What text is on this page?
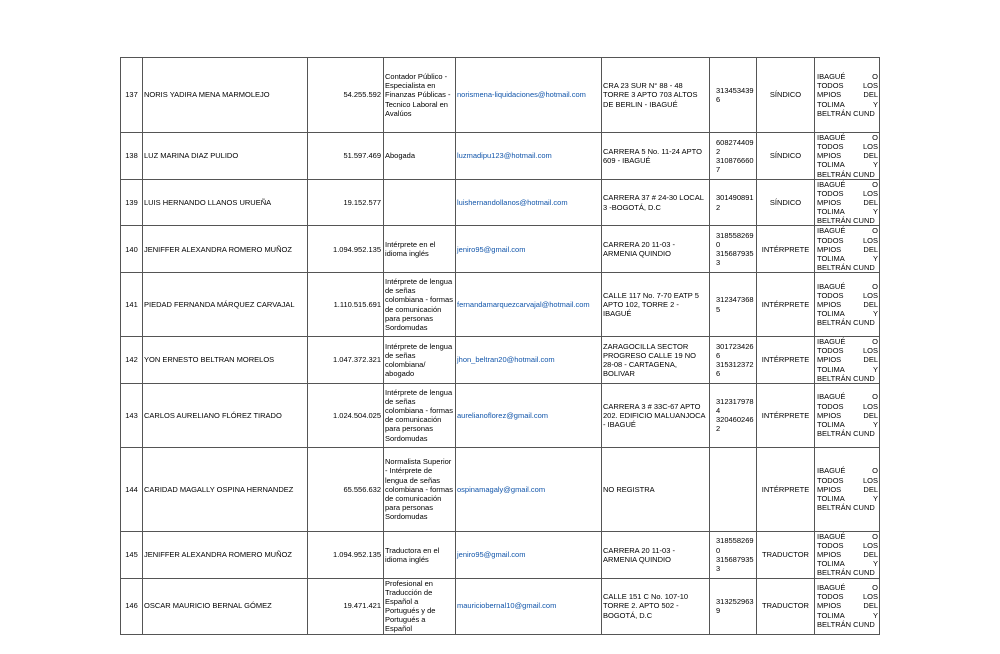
137	NORIS YADIRA MENA MARMOLEJO	54.255.592	Contador Público - Especialista en Finanzas Públicas - Tecnico Laboral en Avalúos	norismena-liquidaciones@hotmail.com	CRA 23 SUR N° 88 - 48 TORRE 3 APTO 703 ALTOS DE BERLIN - IBAGUÉ	3134534396	SÍNDICO	IBAGUÉ O TODOS LOS MPIOS DEL TOLIMA Y BELTRÁN CUND

138	LUZ MARINA DIAZ PULIDO	51.597.469	Abogada	luzmadipu123@hotmail.com	CARRERA 5 No. 11-24 APTO 609 - IBAGUÉ	6082744092 3108766607	SÍNDICO	IBAGUÉ O TODOS LOS MPIOS DEL TOLIMA Y BELTRÁN CUND

139	LUIS HERNANDO LLANOS URUEÑA	19.152.577		luishernandollanos@hotmail.com	CARRERA 37 # 24-30 LOCAL 3 -BOGOTÁ, D.C	3014908912	SÍNDICO	IBAGUÉ O TODOS LOS MPIOS DEL TOLIMA Y BELTRÁN CUND

140	JENIFFER ALEXANDRA ROMERO MUÑOZ	1.094.952.135	Intérprete en el idioma inglés	jeniro95@gmail.com	CARRERA 20 11-03 - ARMENIA QUINDIO	3185582690 3156879353	INTÉRPRETE	IBAGUÉ O TODOS LOS MPIOS DEL TOLIMA Y BELTRÁN CUND

141	PIEDAD FERNANDA MÁRQUEZ CARVAJAL	1.110.515.691	Intérprete de lengua de señas colombiana - formas de comunicación para personas Sordomudas	fernandamarquezcarvajal@hotmail.com	CALLE 117 No. 7-70 EATP 5 APTO 102, TORRE 2 - IBAGUÉ	3123473685	INTÉRPRETE	IBAGUÉ O TODOS LOS MPIOS DEL TOLIMA Y BELTRÁN CUND

142	YON ERNESTO BELTRAN MORELOS	1.047.372.321	Intérprete de lengua de señas colombiana/ abogado	jhon_beltran20@hotmail.com	ZARAGOCILLA SECTOR PROGRESO CALLE 19 NO 28-08 - CARTAGENA, BOLIVAR	3017234266 3153123726	INTÉRPRETE	IBAGUÉ O TODOS LOS MPIOS DEL TOLIMA Y BELTRÁN CUND

143	CARLOS AURELIANO FLÓREZ TIRADO	1.024.504.025	Intérprete de lengua de señas colombiana - formas de comunicación para personas Sordomudas	aurelianoflorez@gmail.com	CARRERA 3 # 33C-67 APTO 202. EDIFICIO MALUANJOCA - IBAGUÉ	3123179784 3204602462	INTÉRPRETE	IBAGUÉ O TODOS LOS MPIOS DEL TOLIMA Y BELTRÁN CUND

144	CARIDAD MAGALLY OSPINA HERNANDEZ	65.556.632	Normalista Superior - Intérprete de lengua de señas colombiana - formas de comunicación para personas Sordomudas	ospinamagaly@gmail.com	NO REGISTRA		INTÉRPRETE	IBAGUÉ O TODOS LOS MPIOS DEL TOLIMA Y BELTRÁN CUND

145	JENIFFER ALEXANDRA ROMERO MUÑOZ	1.094.952.135	Traductora en el idioma inglés	jeniro95@gmail.com	CARRERA 20 11-03 - ARMENIA QUINDIO	3185582690 3156879353	TRADUCTOR	IBAGUÉ O TODOS LOS MPIOS DEL TOLIMA Y BELTRÁN CUND

146	OSCAR MAURICIO BERNAL GÓMEZ	19.471.421	Profesional en Traducción de Español a Portugués y de Portugués a Español	mauriciobernal10@gmail.com	CALLE 151 C No. 107-10 TORRE 2. APTO 502 - BOGOTÁ, D.C	3132529639	TRADUCTOR	IBAGUÉ O TODOS LOS MPIOS DEL TOLIMA Y BELTRÁN CUND
